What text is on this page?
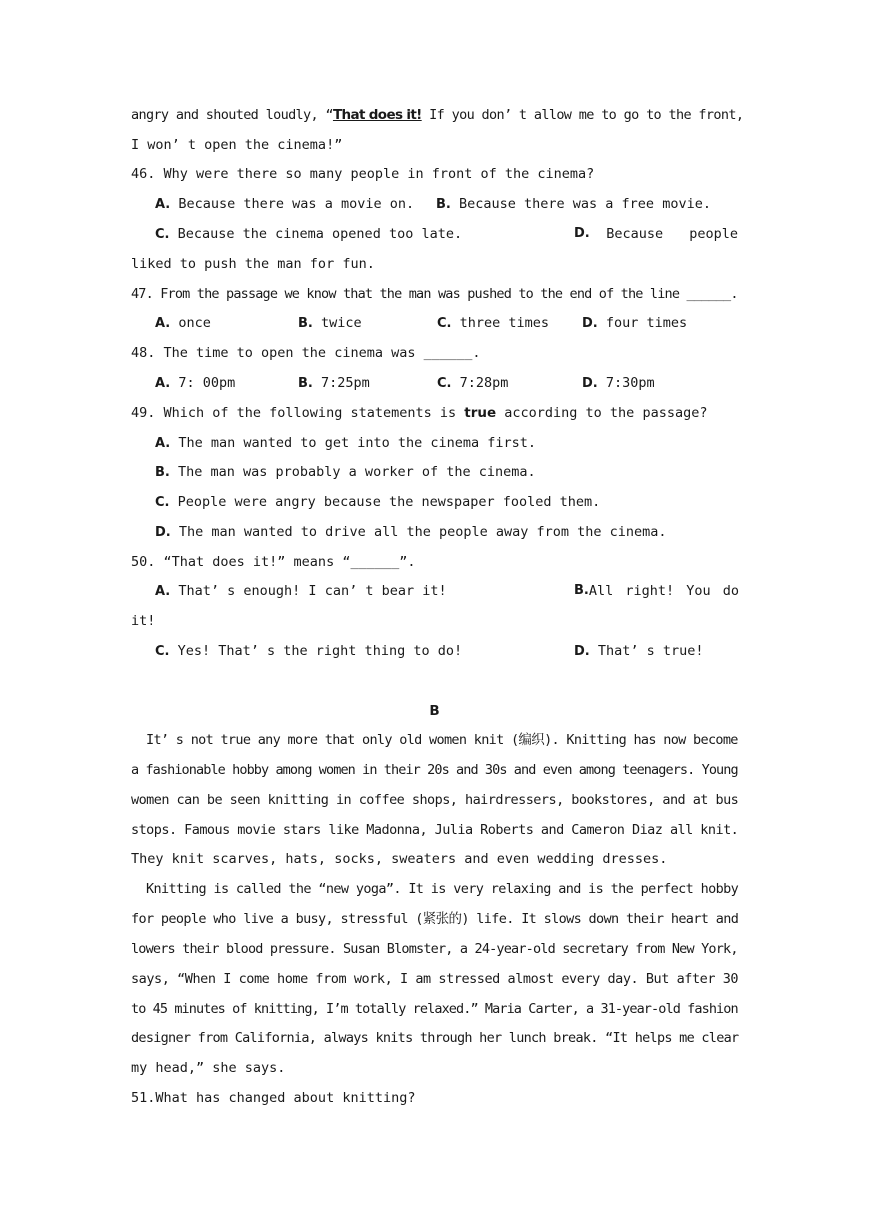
angry and shouted loudly, “That does it! If you don’ t allow me to go to the front,
I won’ t open the cinema!”
46. Why were there so many people in front of the cinema?
A. Because there was a movie on. B. Because there was a free movie.
C. Because the cinema opened too late.	D. Because people
liked to push the man for fun.
47. From the passage we know that the man was pushed to the end of the line ______.
A. once	B. twice	C. three times	D. four times
48. The time to open the cinema was ______.
A. 7: 00pm	B. 7:25pm	C. 7:28pm	D. 7:30pm
49. Which of the following statements is true according to the passage?
A. The man wanted to get into the cinema first.
B. The man was probably a worker of the cinema.
C. People were angry because the newspaper fooled them.
D. The man wanted to drive all the people away from the cinema.
50. “That does it!” means “______”.
A. That’ s enough! I can’ t bear it!	B. All right! You do
it!
C. Yes! That’ s the right thing to do!	D. That’ s true!
B
It’ s not true any more that only old women knit (编织). Knitting has now become
a fashionable hobby among women in their 20s and 30s and even among teenagers. Young
women can be seen knitting in coffee shops, hairdressers, bookstores, and at bus
stops. Famous movie stars like Madonna, Julia Roberts and Cameron Diaz all knit.
They knit scarves, hats, socks, sweaters and even wedding dresses.
Knitting is called the “new yoga”. It is very relaxing and is the perfect hobby
for people who live a busy, stressful (紧张的) life. It slows down their heart and
lowers their blood pressure. Susan Blomster, a 24-year-old secretary from New York,
says, “When I come home from work, I am stressed almost every day. But after 30
to 45 minutes of knitting, I’m totally relaxed.” Maria Carter, a 31-year-old fashion
designer from California, always knits through her lunch break. “It helps me clear
my head,” she says.
51.What has changed about knitting?
